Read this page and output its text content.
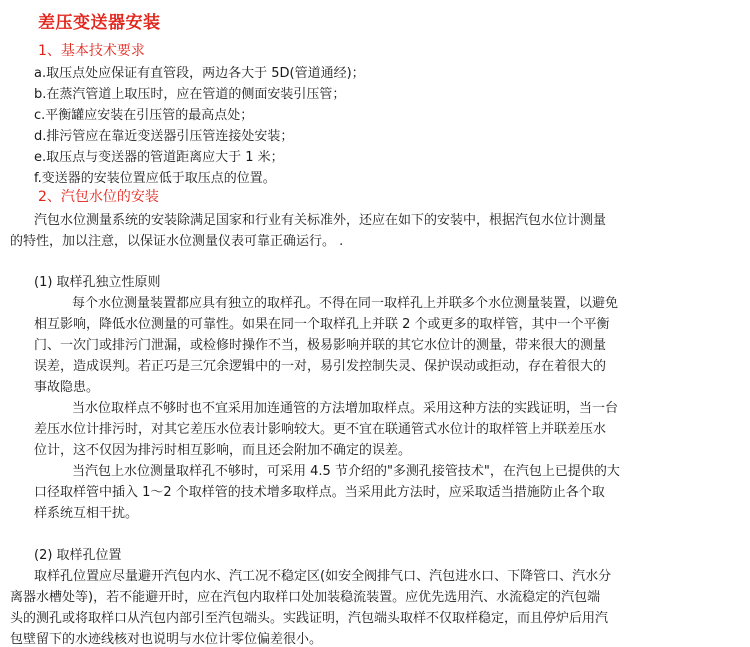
差压变送器安装
1、基本技术要求
a.取压点处应保证有直管段，两边各大于 5D(管道通经)；
b.在蒸汽管道上取压时，应在管道的侧面安装引压管；
c.平衡罐应安装在引压管的最高点处；
d.排污管应在靠近变送器引压管连接处安装；
e.取压点与变送器的管道距离应大于 1 米；
f.变送器的安装位置应低于取压点的位置。
2、汽包水位的安装
汽包水位测量系统的安装除满足国家和行业有关标准外，还应在如下的安装中，根据汽包水位计测量
的特性，加以注意，以保证水位测量仪表可靠正确运行。 .
(1) 取样孔独立性原则
每个水位测量装置都应具有独立的取样孔。不得在同一取样孔上并联多个水位测量装置，以避免
相互影响，降低水位测量的可靠性。如果在同一个取样孔上并联 2 个或更多的取样管，其中一个平衡
门、一次门或排污门泄漏，或检修时操作不当，极易影响并联的其它水位计的测量，带来很大的测量
误差，造成误判。若正巧是三冗余逻辑中的一对，易引发控制失灵、保护误动或拒动，存在着很大的
事故隐患。
当水位取样点不够时也不宜采用加连通管的方法增加取样点。采用这种方法的实践证明，当一台
差压水位计排污时，对其它差压水位表计影响较大。更不宜在联通管式水位计的取样管上并联差压水
位计，这不仅因为排污时相互影响，而且还会附加不确定的误差。
当汽包上水位测量取样孔不够时，可采用 4.5 节介绍的"多测孔接管技术"，在汽包上已提供的大
口径取样管中插入 1～2 个取样管的技术增多取样点。当采用此方法时，应采取适当措施防止各个取
样系统互相干扰。
(2) 取样孔位置
取样孔位置应尽量避开汽包内水、汽工况不稳定区(如安全阀排气口、汽包进水口、下降管口、汽水分
离器水槽处等)，若不能避开时，应在汽包内取样口处加装稳流装置。应优先选用汽、水流稳定的汽包端
头的测孔或将取样口从汽包内部引至汽包端头。实践证明，汽包端头取样不仅取样稳定，而且停炉后用汽
包壁留下的水迹线核对也说明与水位计零位偏差很小。
